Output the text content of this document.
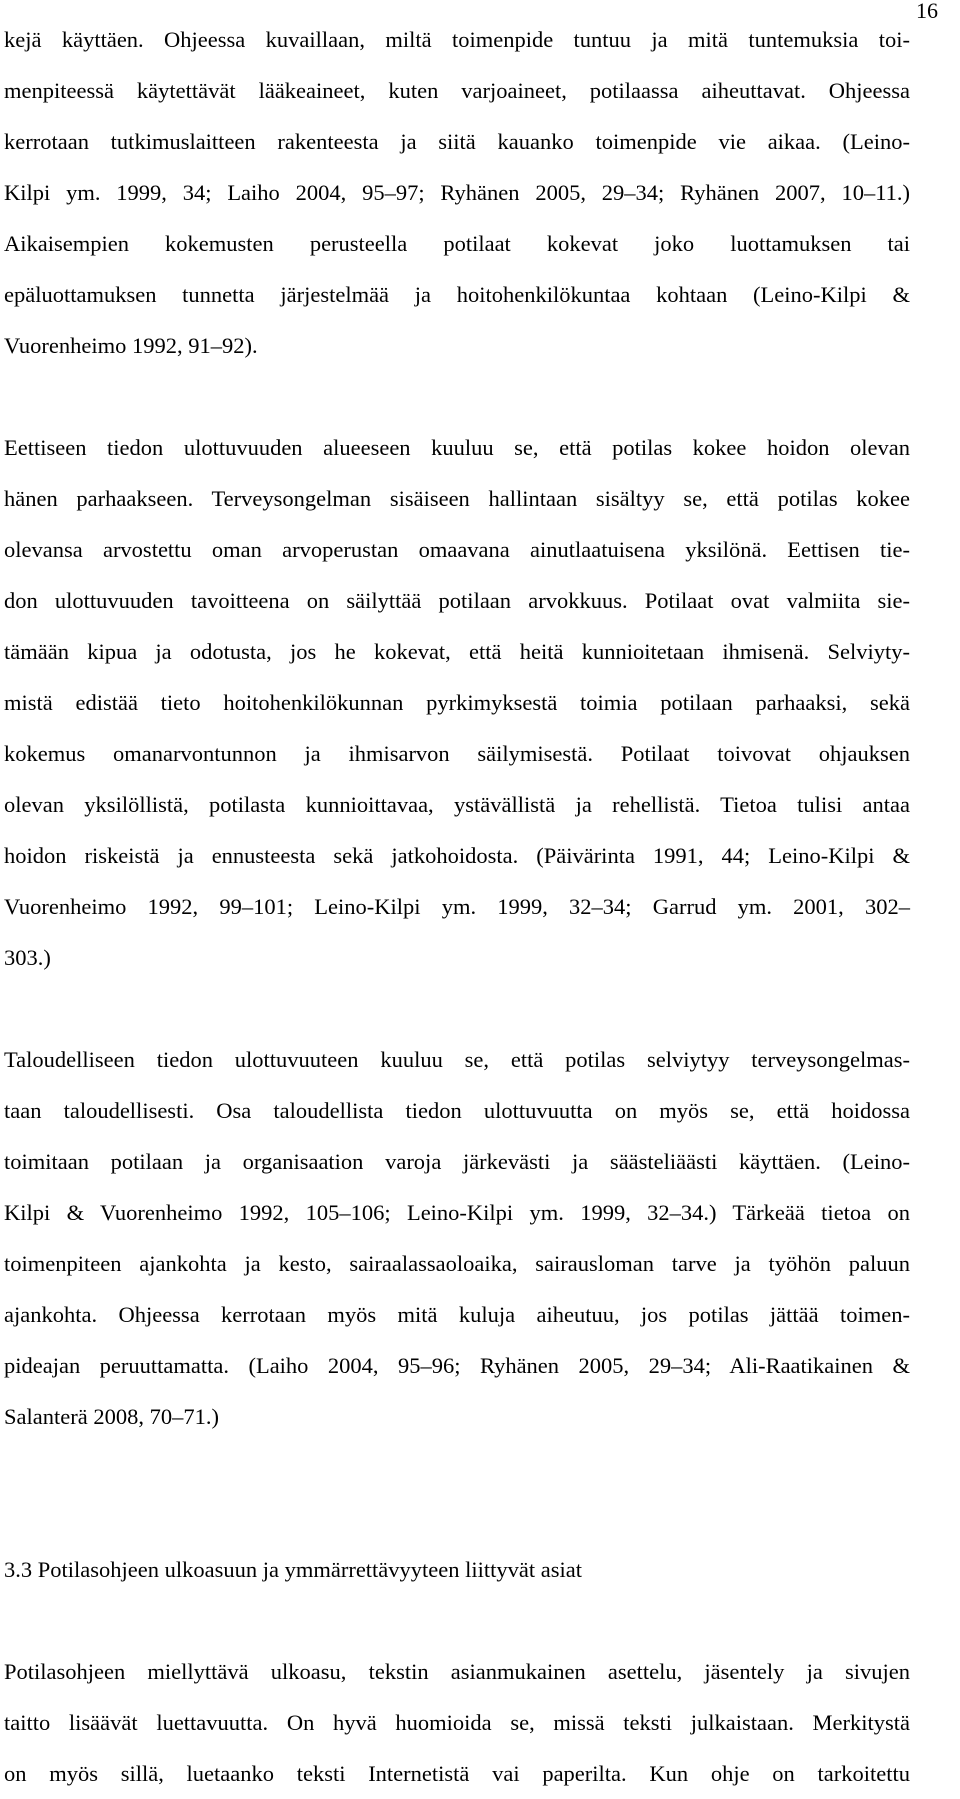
16
kejä käyttäen. Ohjeessa kuvaillaan, miltä toimenpide tuntuu ja mitä tuntemuksia toi-
menpiteessä käytettävät lääkeaineet, kuten varjoaineet, potilaassa aiheuttavat. Ohjeessa
kerrotaan tutkimuslaitteen rakenteesta ja siitä kauanko toimenpide vie aikaa. (Leino-
Kilpi ym. 1999, 34; Laiho 2004, 95–97; Ryhänen 2005, 29–34; Ryhänen 2007, 10–11.)
Aikaisempien kokemusten perusteella potilaat kokevat joko luottamuksen tai
epäluottamuksen tunnetta järjestelmää ja hoitohenkilökuntaa kohtaan (Leino-Kilpi &
Vuorenheimo 1992, 91–92).
Eettiseen tiedon ulottuvuuden alueeseen kuuluu se, että potilas kokee hoidon olevan
hänen parhaakseen. Terveysongelman sisäiseen hallintaan sisältyy se, että potilas kokee
olevansa arvostettu oman arvoperustan omaavana ainutlaatuisena yksilönä. Eettisen tie-
don ulottuvuuden tavoitteena on säilyttää potilaan arvokkuus. Potilaat ovat valmiita sie-
tämään kipua ja odotusta, jos he kokevat, että heitä kunnioitetaan ihmisenä. Selviyty-
mistä edistää tieto hoitohenkilökunnan pyrkimyksestä toimia potilaan parhaaksi, sekä
kokemus omanarvontunnon ja ihmisarvon säilymisestä. Potilaat toivovat ohjauksen
olevan yksilöllistä, potilasta kunnioittavaa, ystävällistä ja rehellistä. Tietoa tulisi antaa
hoidon riskeistä ja ennusteesta sekä jatkohoidosta. (Päivärinta 1991, 44; Leino-Kilpi &
Vuorenheimo 1992, 99–101; Leino-Kilpi ym. 1999, 32–34; Garrud ym. 2001, 302–
303.)
Taloudelliseen tiedon ulottuvuuteen kuuluu se, että potilas selviytyy terveysongelmas-
taan taloudellisesti. Osa taloudellista tiedon ulottuvuutta on myös se, että hoidossa
toimitaan potilaan ja organisaation varoja järkevästi ja säästeliäästi käyttäen. (Leino-
Kilpi & Vuorenheimo 1992, 105–106; Leino-Kilpi ym. 1999, 32–34.) Tärkeää tietoa on
toimenpiteen ajankohta ja kesto, sairaalassaoloaika, sairausloman tarve ja työhön paluun
ajankohta. Ohjeessa kerrotaan myös mitä kuluja aiheutuu, jos potilas jättää toimen-
pideajan peruuttamatta. (Laiho 2004, 95–96; Ryhänen 2005, 29–34; Ali-Raatikainen &
Salanterä 2008, 70–71.)
3.3 Potilasohjeen ulkoasuun ja ymmärrettävyyteen liittyvät asiat
Potilasohjeen miellyttävä ulkoasu, tekstin asianmukainen asettelu, jäsentely ja sivujen
taitto lisäävät luettavuutta. On hyvä huomioida se, missä teksti julkaistaan. Merkitystä
on myös sillä, luetaanko teksti Internetistä vai paperilta. Kun ohje on tarkoitettu
